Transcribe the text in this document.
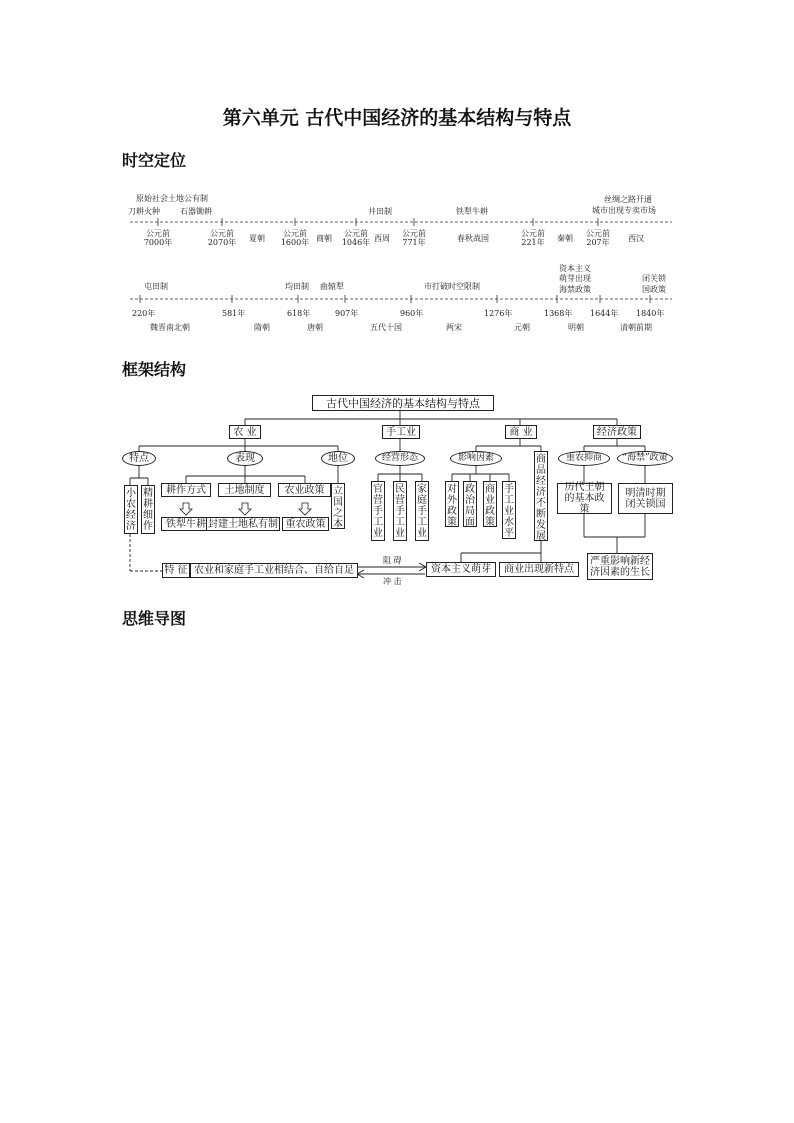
第六单元 古代中国经济的基本结构与特点
时空定位
原始社会土地公有制
刀耕火种	石器锄耕	井田制	铁犁牛耕
丝绸之路开通
城市出现专卖市场
公元前
7000年
公元前
2070年
公元前
1600年
公元前
1046年
公元前
771年
公元前
221年
公元前
207年
夏朝	商朝	西周	春秋战国	秦朝	西汉
屯田制	均田制 曲辕犁	市打破时空限制
资本主义
萌芽出现
海禁政策
闭关锁
国政策
220年	581年	618年	907年	960年	1276年	1368年 1644年 1840年
魏晋南北朝	隋朝	唐朝	五代十国	两宋	元朝	明朝	清朝前期
框架结构
古代中国经济的基本结构与特点
农 业	手工业	商 业	经济政策
特点	表现	地位	经营形态	影响因素	重农抑商	“海禁”政策
小农经济
精耕细作
耕作方式	土地制度	农业政策
铁犁牛耕 封建土地私有制 重农政策
立国之本
官营手工业
民营手工业
家庭手工业
对外政策
政治局面
商业政策
手工业水平
商品经济不断发展
历代王朝的基本政策
明清时期闭关锁国
特 征 农业和家庭手工业相结合、自给自足
阻 碍
冲 击
资本主义萌芽	商业出现新特点
严重影响新经济因素的生长
思维导图
